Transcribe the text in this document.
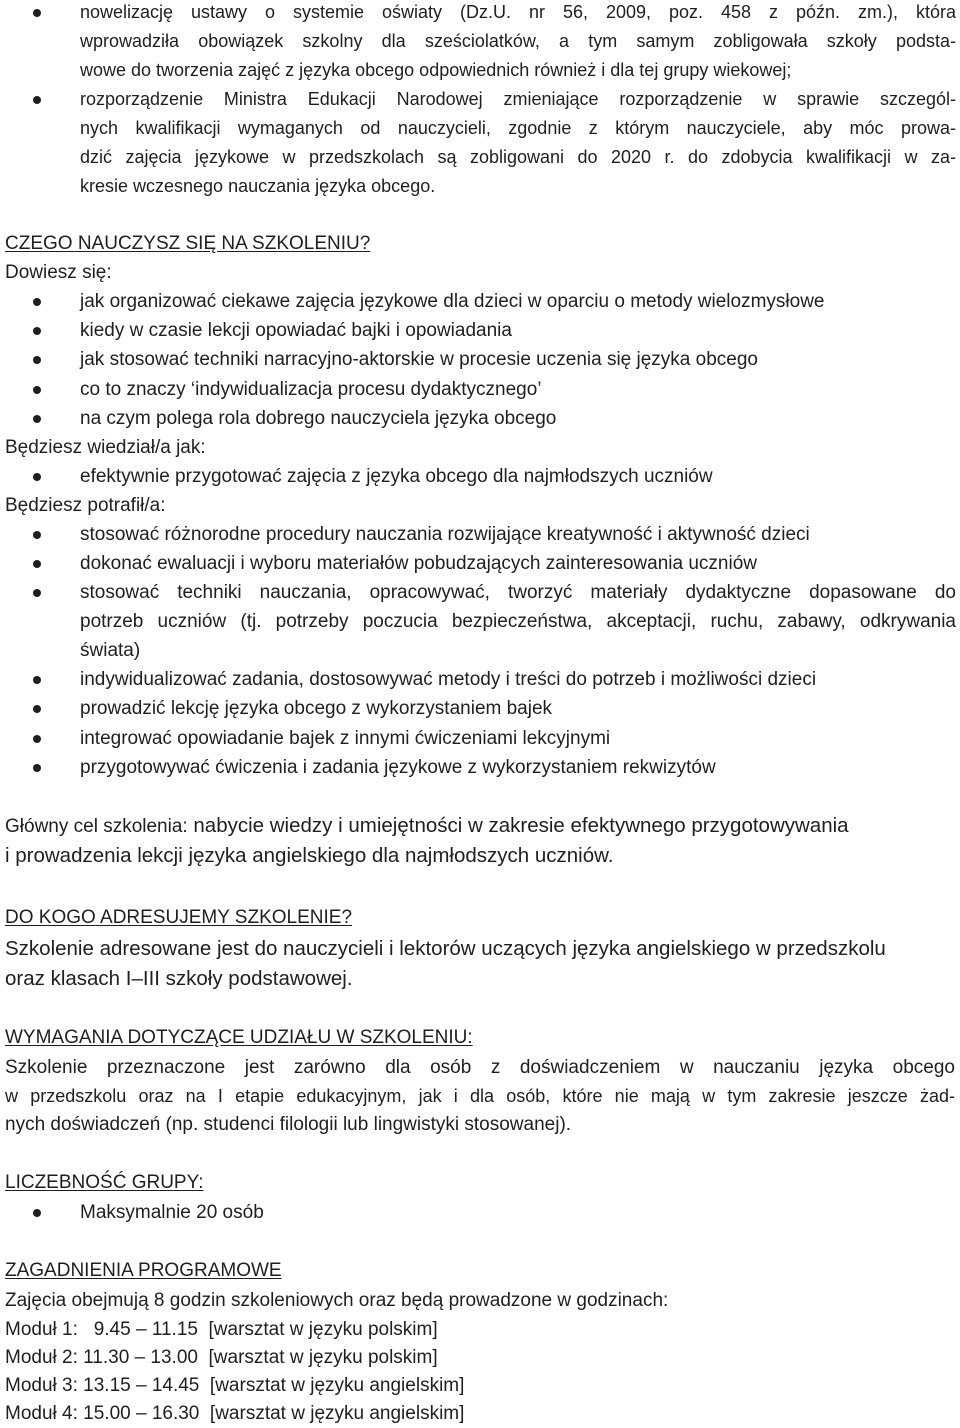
nowelizację ustawy o systemie oświaty (Dz.U. nr 56, 2009, poz. 458 z późn. zm.), która
wprowadziła obowiązek szkolny dla sześciolatków, a tym samym zobligowała szkoły podsta-
wowe do tworzenia zajęć z języka obcego odpowiednich również i dla tej grupy wiekowej;
rozporządzenie Ministra Edukacji Narodowej zmieniające rozporządzenie w sprawie szczegól-
nych kwalifikacji wymaganych od nauczycieli, zgodnie z którym nauczyciele, aby móc prowa-
dzić zajęcia językowe w przedszkolach są zobligowani do 2020 r. do zdobycia kwalifikacji w za-
kresie wczesnego nauczania języka obcego.
CZEGO NAUCZYSZ SIĘ NA SZKOLENIU?
Dowiesz się:
jak organizować ciekawe zajęcia językowe dla dzieci w oparciu o metody wielozmysłowe
kiedy w czasie lekcji opowiadać bajki i opowiadania
jak stosować techniki narracyjno-aktorskie w procesie uczenia się języka obcego
co to znaczy ‘indywidualizacja procesu dydaktycznego’
na czym polega rola dobrego nauczyciela języka obcego
Będziesz wiedział/a jak:
efektywnie przygotować zajęcia z języka obcego dla najmłodszych uczniów
Będziesz potrafił/a:
stosować różnorodne procedury nauczania rozwijające kreatywność i aktywność dzieci
dokonać ewaluacji i wyboru materiałów pobudzających zainteresowania uczniów
stosować techniki nauczania, opracowywać, tworzyć materiały dydaktyczne dopasowane do
potrzeb uczniów (tj. potrzeby poczucia bezpieczeństwa, akceptacji, ruchu, zabawy, odkrywania
świata)
indywidualizować zadania, dostosowywać metody i treści do potrzeb i możliwości dzieci
prowadzić lekcję języka obcego z wykorzystaniem bajek
integrować opowiadanie bajek z innymi ćwiczeniami lekcyjnymi
przygotowywać ćwiczenia i zadania językowe z wykorzystaniem rekwizytów
Główny cel szkolenia: nabycie wiedzy i umiejętności w zakresie efektywnego przygotowywania
i prowadzenia lekcji języka angielskiego dla najmłodszych uczniów.
DO KOGO ADRESUJEMY SZKOLENIE?
Szkolenie adresowane jest do nauczycieli i lektorów uczących języka angielskiego w przedszkolu
oraz klasach I–III szkoły podstawowej.
WYMAGANIA DOTYCZĄCE UDZIAŁU W SZKOLENIU:
Szkolenie przeznaczone jest zarówno dla osób z doświadczeniem w nauczaniu języka obcego
w przedszkolu oraz na I etapie edukacyjnym, jak i dla osób, które nie mają w tym zakresie jeszcze żad-
nych doświadczeń (np. studenci filologii lub lingwistyki stosowanej).
LICZEBNOŚĆ GRUPY:
Maksymalnie 20 osób
ZAGADNIENIA PROGRAMOWE
Zajęcia obejmują 8 godzin szkoleniowych oraz będą prowadzone w godzinach:
Moduł 1:   9.45 – 11.15  [warsztat w języku polskim]
Moduł 2: 11.30 – 13.00  [warsztat w języku polskim]
Moduł 3: 13.15 – 14.45  [warsztat w języku angielskim]
Moduł 4: 15.00 – 16.30  [warsztat w języku angielskim]
